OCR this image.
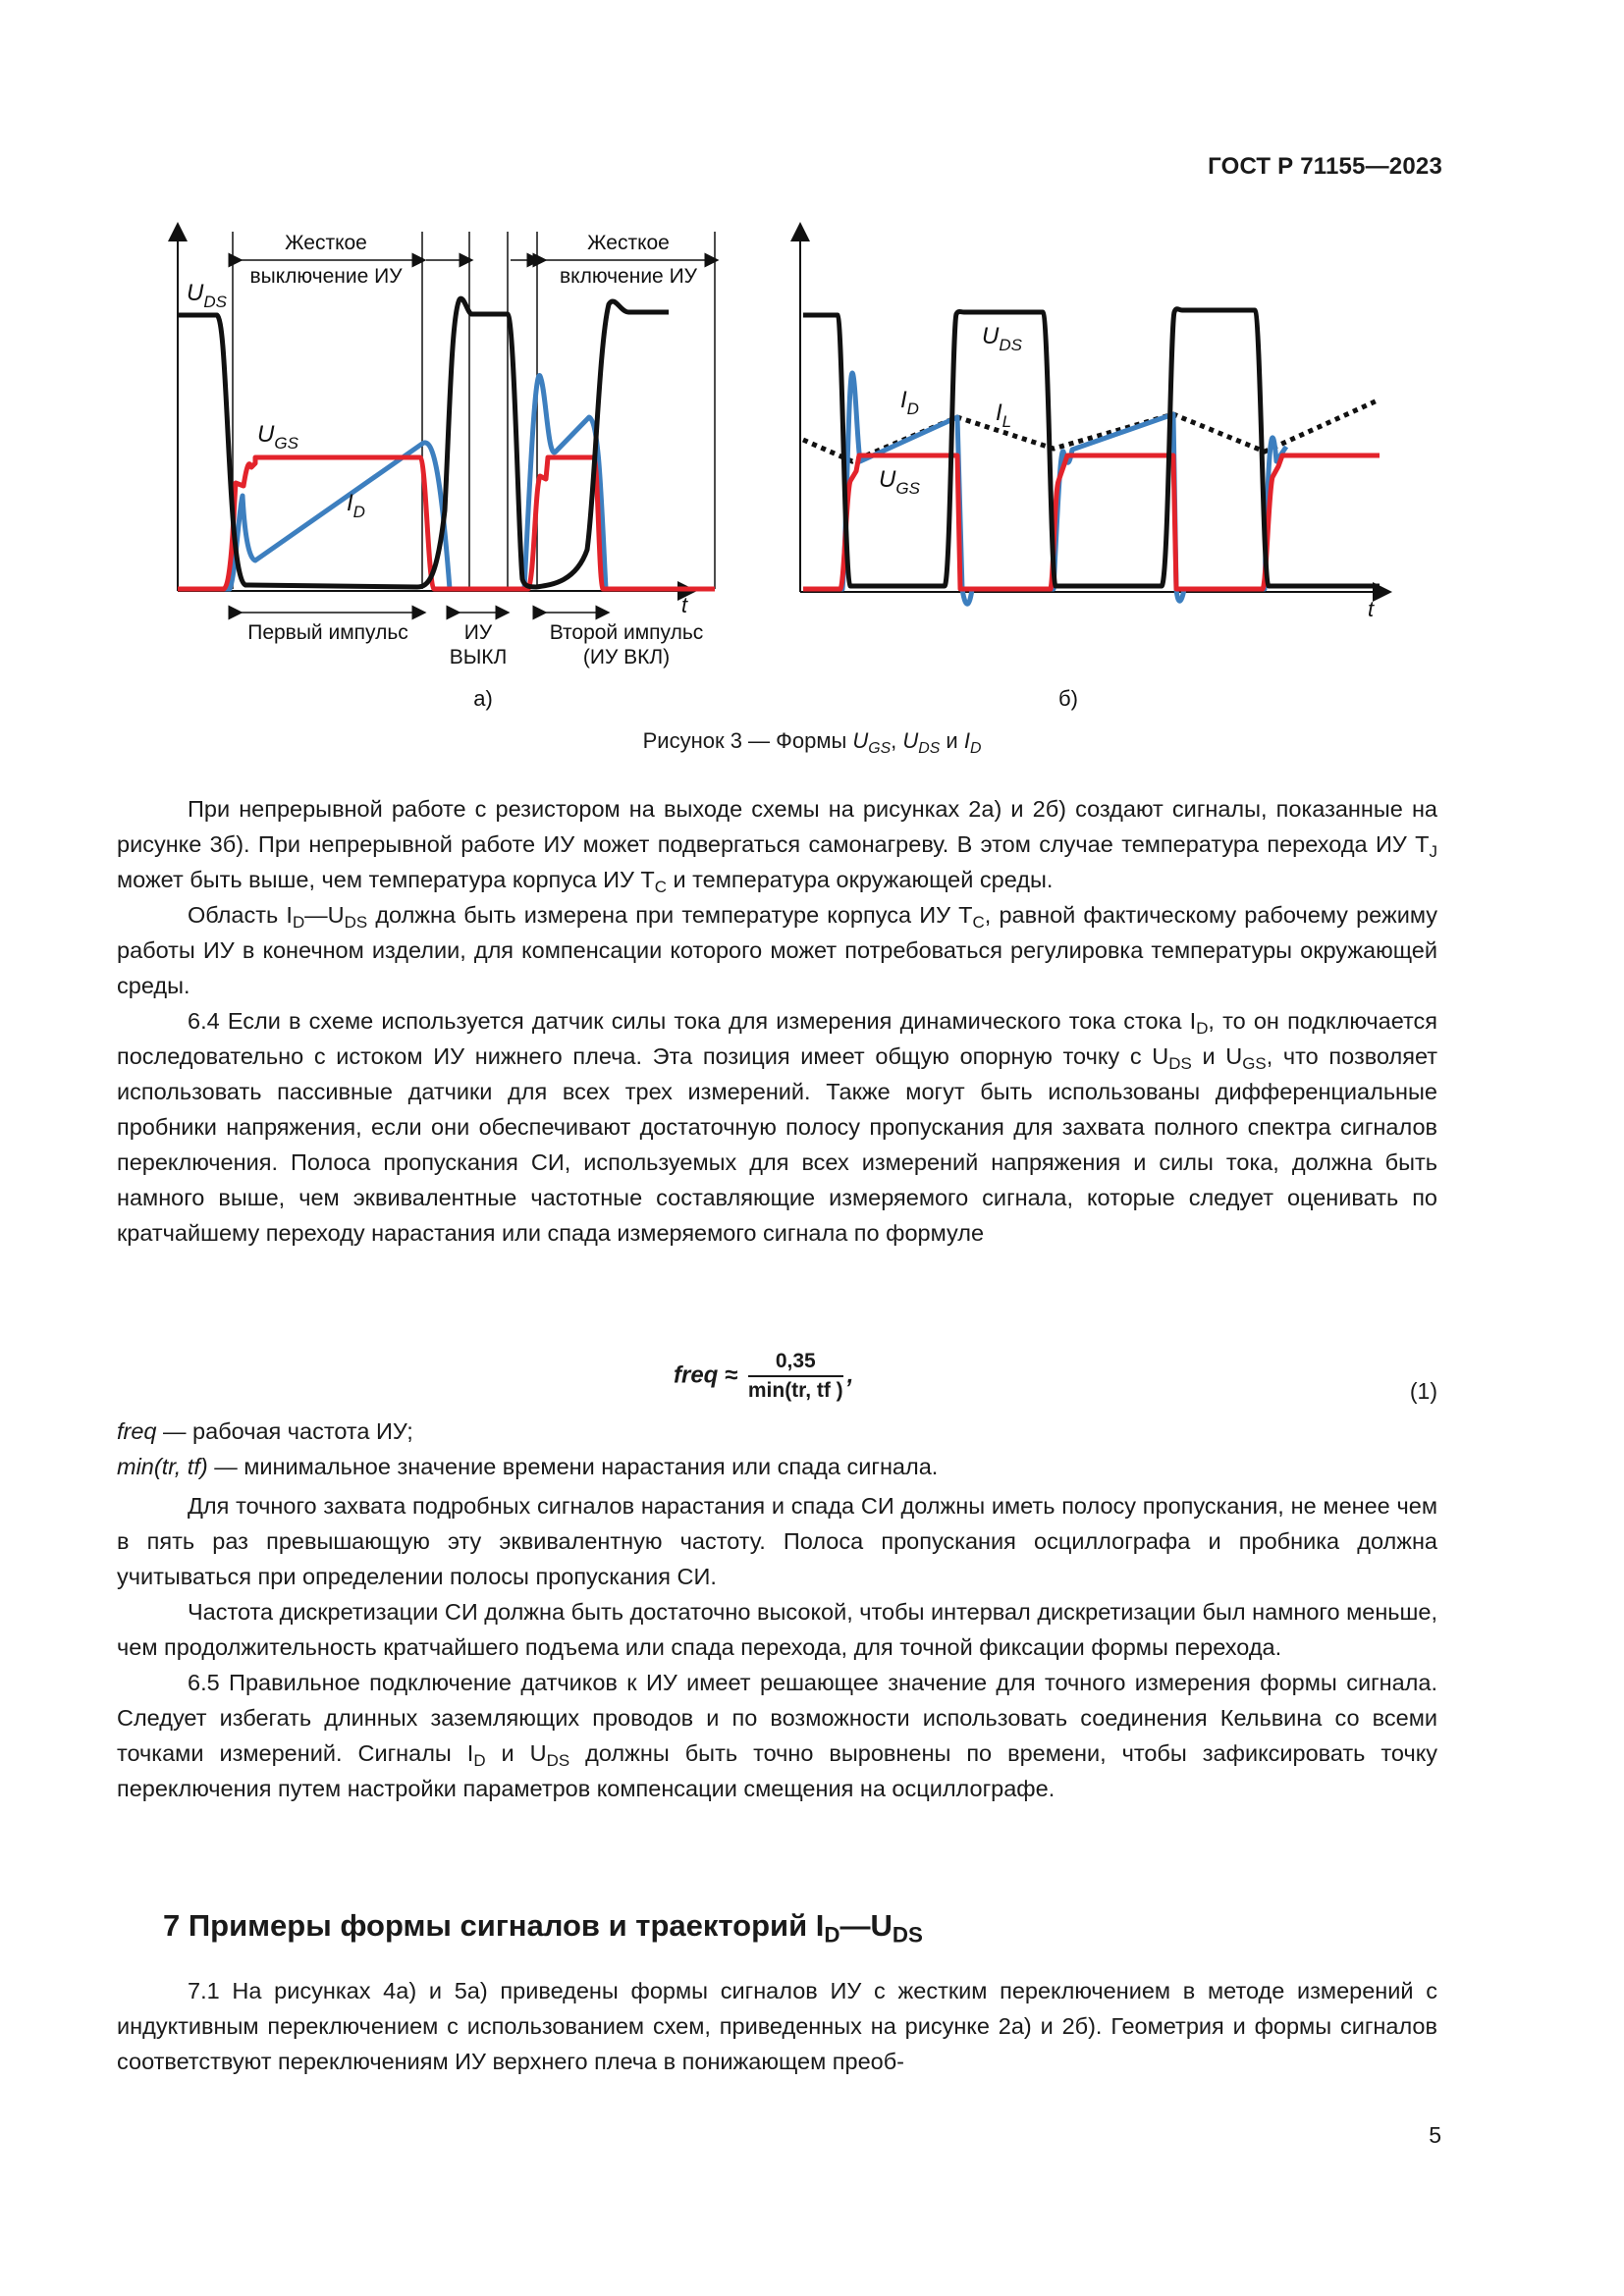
ГОСТ Р 71155—2023
$U_{DS}$
t
Жесткое
выключение ИУ
Жесткое
включение ИУ
$U_{GS}$
$I_D$
Первый импульс	ИУ
ВЫКЛ
Второй импульс
(ИУ ВКЛ)
а)
$U_{DS}$
$I_D$	$I_L$
$U_{GS}$
t
б)
Рисунок 3 — Формы $U_{GS}$, $U_{DS}$ и $I_D$

При непрерывной работе с резистором на выходе схемы на рисунках 2а) и 2б) создают сигналы, показанные на рисунке 3б). При непрерывной работе ИУ может подвергаться самонагреву. В этом случае температура перехода ИУ $T_J$ может быть выше, чем температура корпуса ИУ $T_C$ и температура окружающей среды.

Область $I_D—U_{DS}$ должна быть измерена при температуре корпуса ИУ $T_C$, равной фактическому рабочему режиму работы ИУ в конечном изделии, для компенсации которого может потребоваться регулировка температуры окружающей среды.

6.4 Если в схеме используется датчик силы тока для измерения динамического тока стока $I_D$, то он подключается последовательно с истоком ИУ нижнего плеча. Эта позиция имеет общую опорную точку с $U_{DS}$ и $U_{GS}$, что позволяет использовать пассивные датчики для всех трех измерений. Также могут быть использованы дифференциальные пробники напряжения, если они обеспечивают достаточную полосу пропускания для захвата полного спектра сигналов переключения. Полоса пропускания СИ, используемых для всех измерений напряжения и силы тока, должна быть намного выше, чем эквивалентные частотные составляющие измеряемого сигнала, которые следует оценивать по кратчайшему переходу нарастания или спада измеряемого сигнала по формуле

freq ≈ $\frac{0,35}{\min(tr, tf )}$ ,
(1)

freq — рабочая частота ИУ;

min(tr, tf) — минимальное значение времени нарастания или спада сигнала.

Для точного захвата подробных сигналов нарастания и спада СИ должны иметь полосу пропускания, не менее чем в пять раз превышающую эту эквивалентную частоту. Полоса пропускания осциллографа и пробника должна учитываться при определении полосы пропускания СИ.

Частота дискретизации СИ должна быть достаточно высокой, чтобы интервал дискретизации был намного меньше, чем продолжительность кратчайшего подъема или спада перехода, для точной фиксации формы перехода.

6.5 Правильное подключение датчиков к ИУ имеет решающее значение для точного измерения формы сигнала. Следует избегать длинных заземляющих проводов и по возможности использовать соединения Кельвина со всеми точками измерений. Сигналы $I_D$ и $U_{DS}$ должны быть точно выровнены по времени, чтобы зафиксировать точку переключения путем настройки параметров компенсации смещения на осциллографе.

7 Примеры формы сигналов и траекторий $I_D—U_{DS}$

7.1 На рисунках 4а) и 5а) приведены формы сигналов ИУ с жестким переключением в методе измерений с индуктивным переключением с использованием схем, приведенных на рисунке 2а) и 2б). Геометрия и формы сигналов соответствуют переключениям ИУ верхнего плеча в понижающем преоб-

5
